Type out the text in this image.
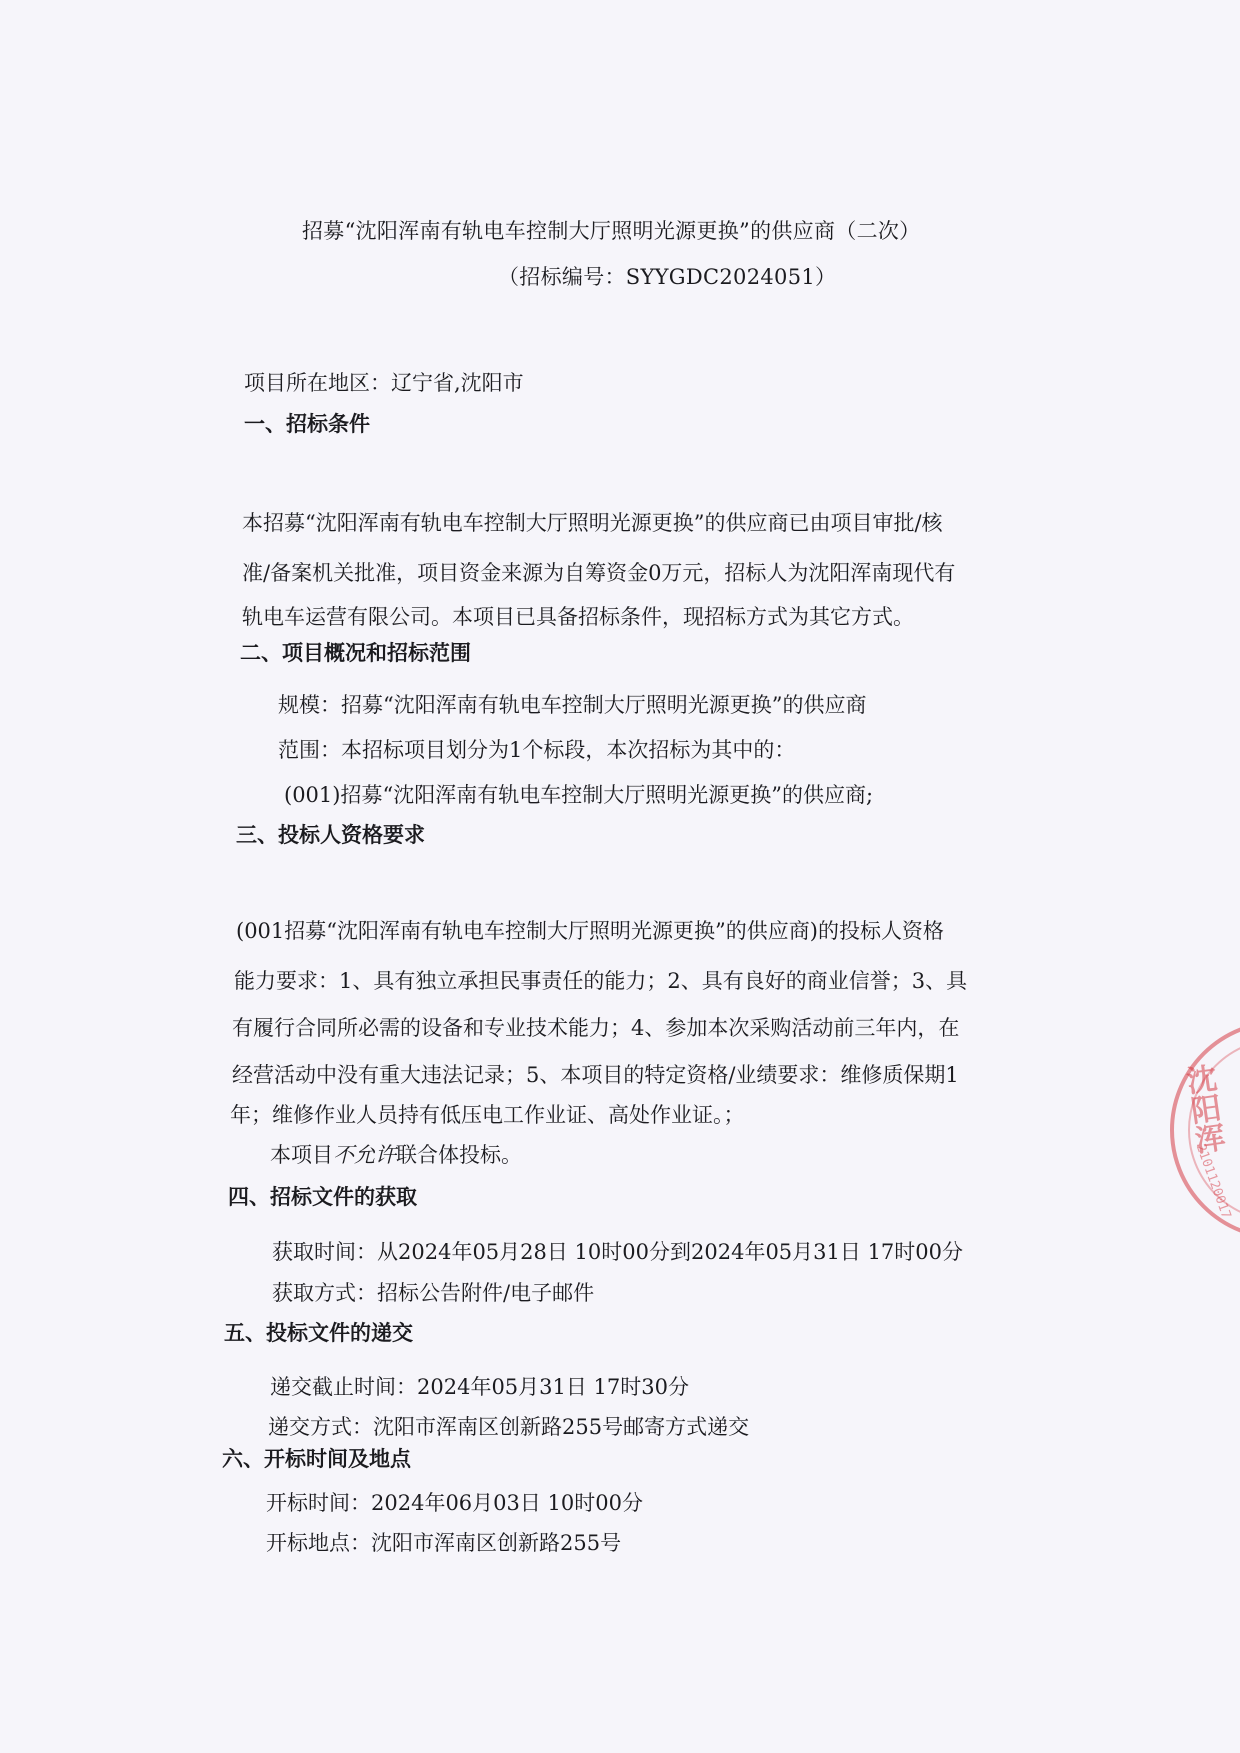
招募“沈阳浑南有轨电车控制大厅照明光源更换”的供应商（二次）
（招标编号：SYYGDC2024051）
项目所在地区：辽宁省,沈阳市
一、招标条件
本招募“沈阳浑南有轨电车控制大厅照明光源更换”的供应商已由项目审批/核
准/备案机关批准，项目资金来源为自筹资金0万元，招标人为沈阳浑南现代有
轨电车运营有限公司。本项目已具备招标条件，现招标方式为其它方式。
二、项目概况和招标范围
规模：招募“沈阳浑南有轨电车控制大厅照明光源更换”的供应商
范围：本招标项目划分为1个标段，本次招标为其中的：
(001)招募“沈阳浑南有轨电车控制大厅照明光源更换”的供应商;
三、投标人资格要求
(001招募“沈阳浑南有轨电车控制大厅照明光源更换”的供应商)的投标人资格
能力要求：1、具有独立承担民事责任的能力；2、具有良好的商业信誉；3、具
有履行合同所必需的设备和专业技术能力；4、参加本次采购活动前三年内，在
经营活动中没有重大违法记录；5、本项目的特定资格/业绩要求：维修质保期1
年；维修作业人员持有低压电工作业证、高处作业证。；
本项目不允许联合体投标。
四、招标文件的获取
获取时间：从2024年05月28日 10时00分到2024年05月31日 17时00分
获取方式：招标公告附件/电子邮件
五、投标文件的递交
递交截止时间：2024年05月31日 17时30分
递交方式：沈阳市浑南区创新路255号邮寄方式递交
六、开标时间及地点
开标时间：2024年06月03日 10时00分
开标地点：沈阳市浑南区创新路255号
沈阳浑
2101120017
